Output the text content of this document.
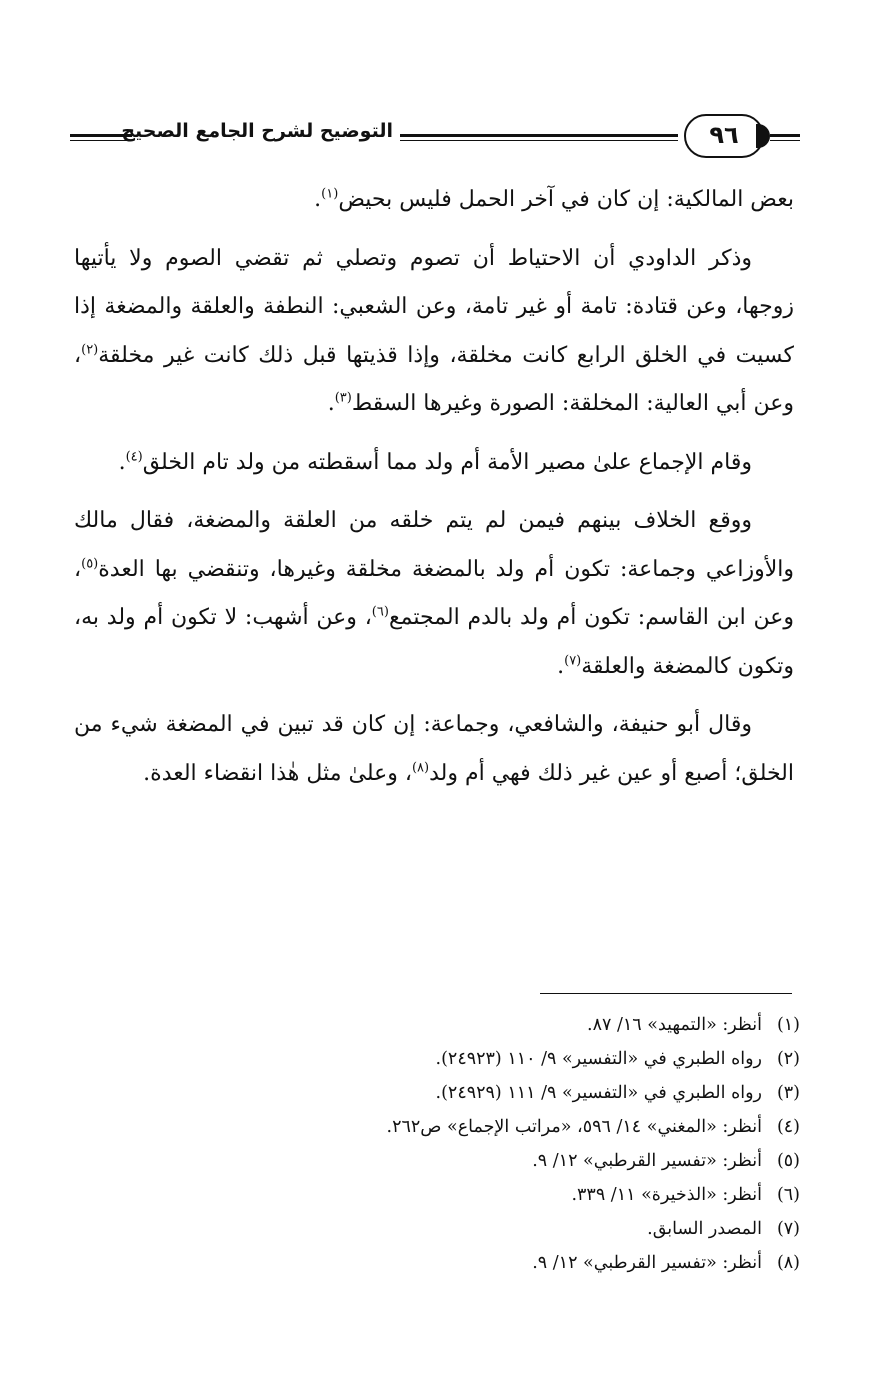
التوضيح لشرح الجامع الصحيح	٩٦

بعض المالكية: إن كان في آخر الحمل فليس بحيض$^{(١)}$.

وذكر الداودي أن الاحتياط أن تصوم وتصلي ثم تقضي الصوم ولا يأتيها زوجها، وعن قتادة: تامة أو غير تامة، وعن الشعبي: النطفة والعلقة والمضغة إذا كسيت في الخلق الرابع كانت مخلقة، وإذا قذيتها قبل ذلك كانت غير مخلقة$^{(٢)}$، وعن أبي العالية: المخلقة: الصورة وغيرها السقط$^{(٣)}$.

وقام الإجماع علىٰ مصير الأمة أم ولد مما أسقطته من ولد تام الخلق$^{(٤)}$.

ووقع الخلاف بينهم فيمن لم يتم خلقه من العلقة والمضغة، فقال مالك والأوزاعي وجماعة: تكون أم ولد بالمضغة مخلقة وغيرها، وتنقضي بها العدة$^{(٥)}$، وعن ابن القاسم: تكون أم ولد بالدم المجتمع$^{(٦)}$، وعن أشهب: لا تكون أم ولد به، وتكون كالمضغة والعلقة$^{(٧)}$.

وقال أبو حنيفة، والشافعي، وجماعة: إن كان قد تبين في المضغة شيء من الخلق؛ أصبع أو عين غير ذلك فهي أم ولد$^{(٨)}$، وعلىٰ مثل هٰذا انقضاء العدة.

(١)أنظر: «التمهيد» ١٦/ ٨٧.
(٢)رواه الطبري في «التفسير» ٩/ ١١٠ (٢٤٩٢٣).
(٣)رواه الطبري في «التفسير» ٩/ ١١١ (٢٤٩٢٩).
(٤)أنظر: «المغني» ١٤/ ٥٩٦، «مراتب الإجماع» ص٢٦٢.
(٥)أنظر: «تفسير القرطبي» ١٢/ ٩.
(٦)أنظر: «الذخيرة» ١١/ ٣٣٩.
(٧)المصدر السابق.
(٨)أنظر: «تفسير القرطبي» ١٢/ ٩.
